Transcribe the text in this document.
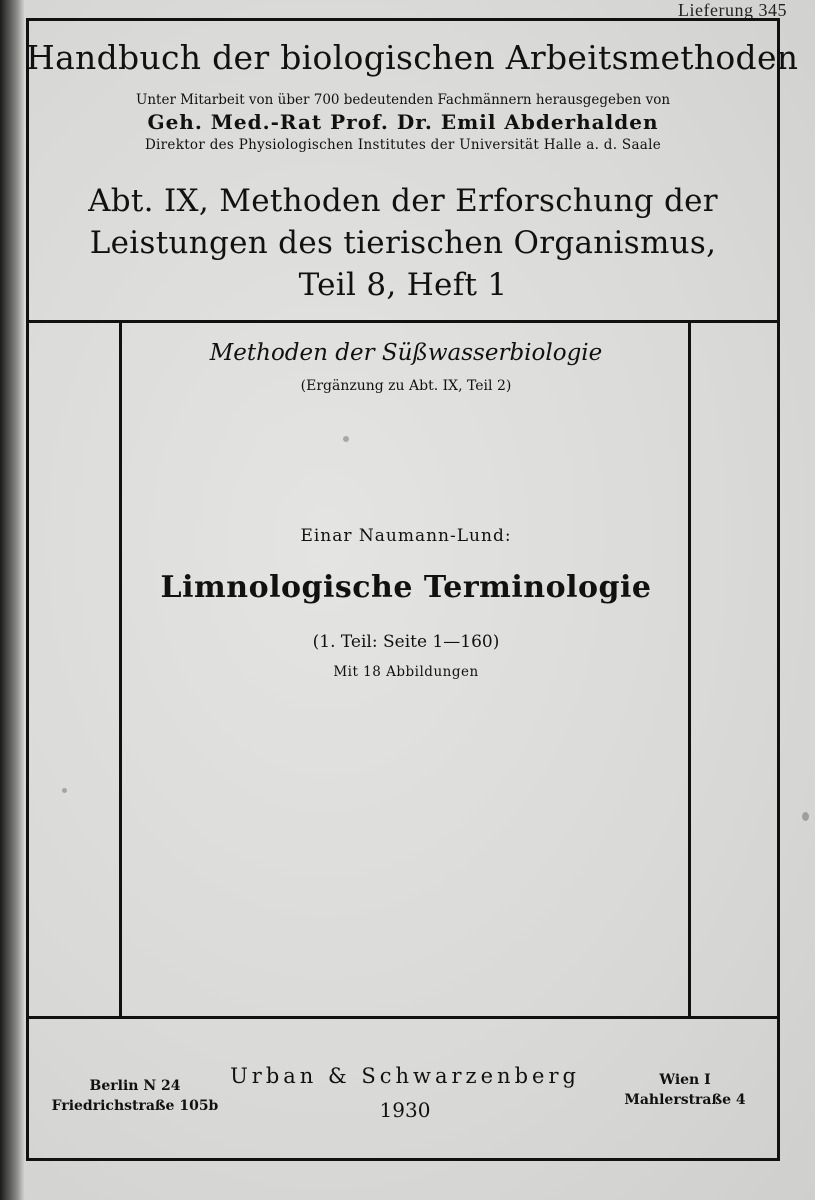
Lieferung 345
Handbuch der biologischen Arbeitsmethoden
Unter Mitarbeit von über 700 bedeutenden Fachmännern herausgegeben von
Geh. Med.-Rat Prof. Dr. Emil Abderhalden
Direktor des Physiologischen Institutes der Universität Halle a. d. Saale
Abt. IX, Methoden der Erforschung der
Leistungen des tierischen Organismus,
Teil 8, Heft 1
Methoden der Süßwasserbiologie
(Ergänzung zu Abt. IX, Teil 2)
Einar Naumann-Lund:
Limnologische Terminologie
(1. Teil: Seite 1—160)
Mit 18 Abbildungen
Urban & Schwarzenberg
1930
Berlin N 24
Friedrichstraße 105b
Wien I
Mahlerstraße 4
